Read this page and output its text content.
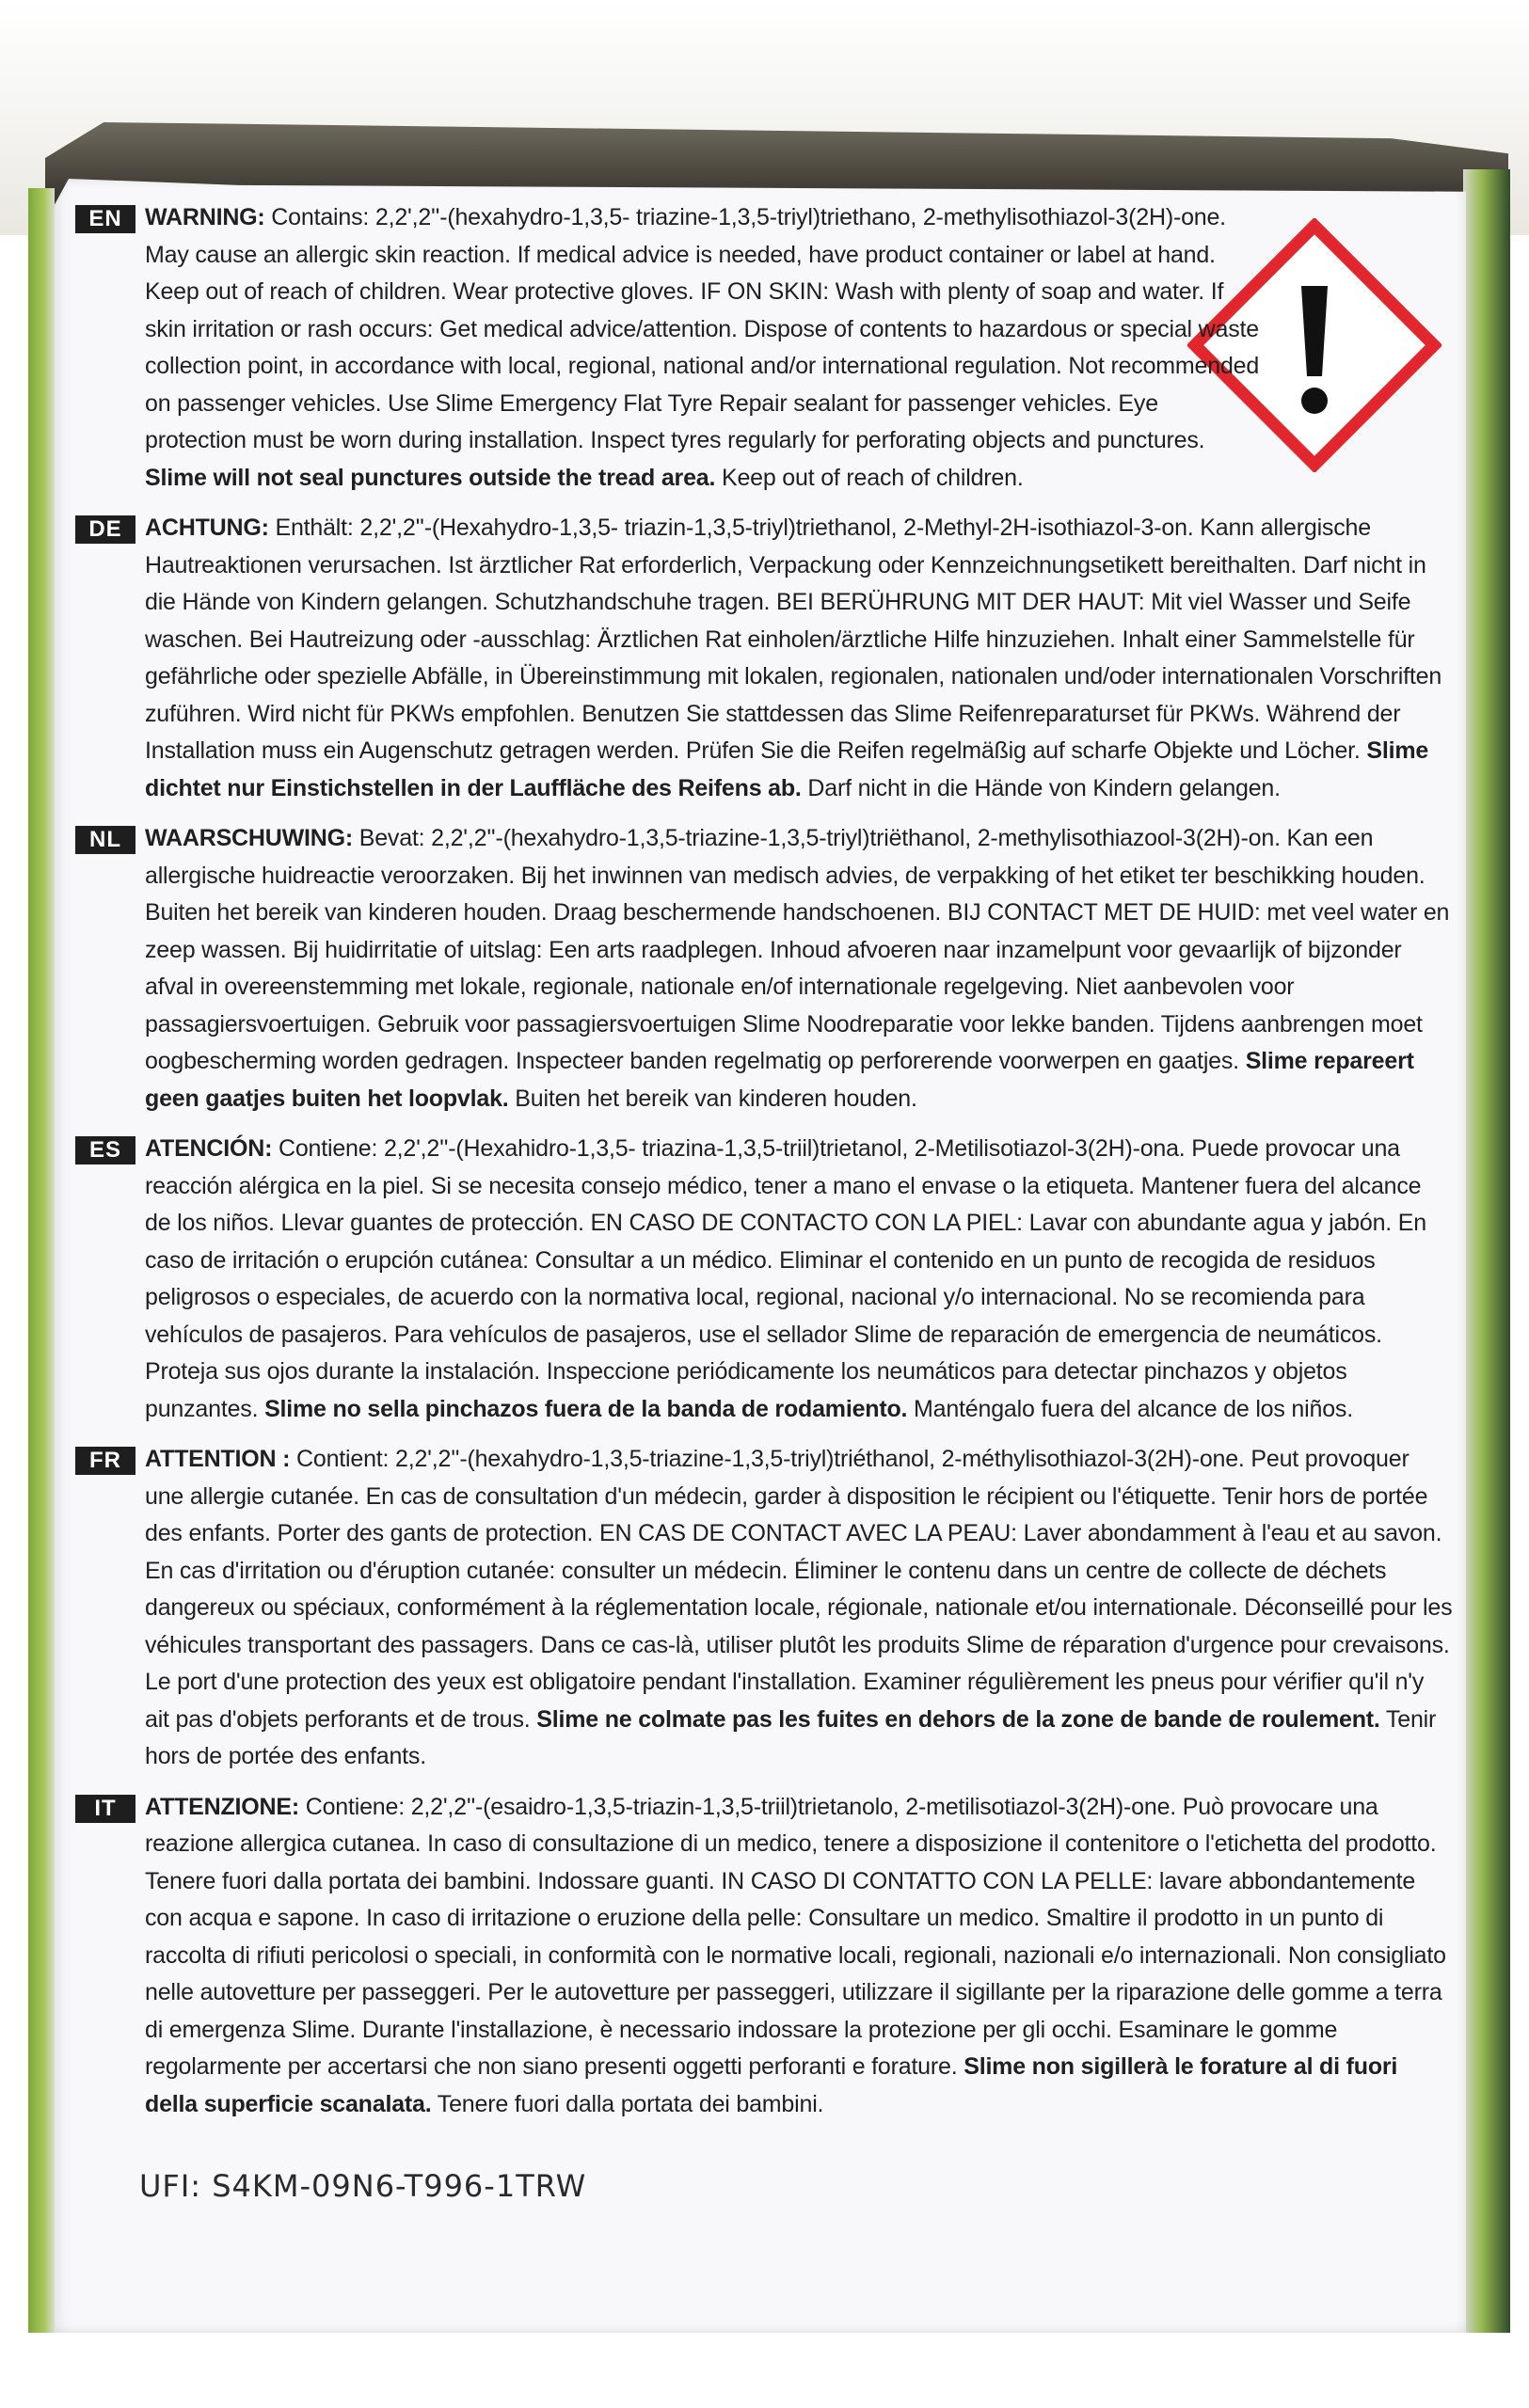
EN WARNING: Contains: 2,2',2''-(hexahydro-1,3,5- triazine-1,3,5-triyl)triethano, 2-methylisothiazol-3(2H)-one. May cause an allergic skin reaction. If medical advice is needed, have product container or label at hand. Keep out of reach of children. Wear protective gloves. IF ON SKIN: Wash with plenty of soap and water. If skin irritation or rash occurs: Get medical advice/attention. Dispose of contents to hazardous or special waste collection point, in accordance with local, regional, national and/or international regulation. Not recommended on passenger vehicles. Use Slime Emergency Flat Tyre Repair sealant for passenger vehicles. Eye protection must be worn during installation. Inspect tyres regularly for perforating objects and punctures. Slime will not seal punctures outside the tread area. Keep out of reach of children.
DE ACHTUNG: Enthält: 2,2',2''-(Hexahydro-1,3,5- triazin-1,3,5-triyl)triethanol, 2-Methyl-2H-isothiazol-3-on. Kann allergische Hautreaktionen verursachen. Ist ärztlicher Rat erforderlich, Verpackung oder Kennzeichnungsetikett bereithalten. Darf nicht in die Hände von Kindern gelangen. Schutzhandschuhe tragen. BEI BERÜHRUNG MIT DER HAUT: Mit viel Wasser und Seife waschen. Bei Hautreizung oder -ausschlag: Ärztlichen Rat einholen/ärztliche Hilfe hinzuziehen. Inhalt einer Sammelstelle für gefährliche oder spezielle Abfälle, in Übereinstimmung mit lokalen, regionalen, nationalen und/oder internationalen Vorschriften zuführen. Wird nicht für PKWs empfohlen. Benutzen Sie stattdessen das Slime Reifenreparaturset für PKWs. Während der Installation muss ein Augenschutz getragen werden. Prüfen Sie die Reifen regelmäßig auf scharfe Objekte und Löcher. Slime dichtet nur Einstichstellen in der Lauffläche des Reifens ab. Darf nicht in die Hände von Kindern gelangen.
NL	WAARSCHUWING: Bevat: 2,2',2''-(hexahydro-1,3,5-triazine-1,3,5-triyl)triëthanol, 2-methylisothiazool-3(2H)-on. Kan een allergische huidreactie veroorzaken. Bij het inwinnen van medisch advies, de verpakking of het etiket ter beschikking houden. Buiten het bereik van kinderen houden. Draag beschermende handschoenen. BIJ CONTACT MET DE HUID: met veel water en zeep wassen. Bij huidirritatie of uitslag: Een arts raadplegen. Inhoud afvoeren naar inzamelpunt voor gevaarlijk of bijzonder afval in overeenstemming met lokale, regionale, nationale en/of internationale regelgeving. Niet aanbevolen voor passagiersvoertuigen. Gebruik voor passagiersvoertuigen Slime Noodreparatie voor lekke banden. Tijdens aanbrengen moet oogbescherming worden gedragen. Inspecteer banden regelmatig op perforerende voorwerpen en gaatjes. Slime repareert geen gaatjes buiten het loopvlak. Buiten het bereik van kinderen houden.
ES	ATENCIÓN: Contiene: 2,2',2''-(Hexahidro-1,3,5- triazina-1,3,5-triil)trietanol, 2-Metilisotiazol-3(2H)-ona. Puede provocar una reacción alérgica en la piel. Si se necesita consejo médico, tener a mano el envase o la etiqueta. Mantener fuera del alcance de los niños. Llevar guantes de protección. EN CASO DE CONTACTO CON LA PIEL: Lavar con abundante agua y jabón. En caso de irritación o erupción cutánea: Consultar a un médico. Eliminar el contenido en un punto de recogida de residuos peligrosos o especiales, de acuerdo con la normativa local, regional, nacional y/o internacional. No se recomienda para vehículos de pasajeros. Para vehículos de pasajeros, use el sellador Slime de reparación de emergencia de neumáticos. Proteja sus ojos durante la instalación. Inspeccione periódicamente los neumáticos para detectar pinchazos y objetos punzantes. Slime no sella pinchazos fuera de la banda de rodamiento. Manténgalo fuera del alcance de los niños.
FR	ATTENTION : Contient: 2,2',2''-(hexahydro-1,3,5-triazine-1,3,5-triyl)triéthanol, 2-méthylisothiazol-3(2H)-one. Peut provoquer une allergie cutanée. En cas de consultation d'un médecin, garder à disposition le récipient ou l'étiquette. Tenir hors de portée des enfants. Porter des gants de protection. EN CAS DE CONTACT AVEC LA PEAU: Laver abondamment à l'eau et au savon. En cas d'irritation ou d'éruption cutanée: consulter un médecin. Éliminer le contenu dans un centre de collecte de déchets dangereux ou spéciaux, conformément à la réglementation locale, régionale, nationale et/ou internationale. Déconseillé pour les véhicules transportant des passagers. Dans ce cas-là, utiliser plutôt les produits Slime de réparation d'urgence pour crevaisons. Le port d'une protection des yeux est obligatoire pendant l'installation. Examiner régulièrement les pneus pour vérifier qu'il n'y ait pas d'objets perforants et de trous. Slime ne colmate pas les fuites en dehors de la zone de bande de roulement. Tenir hors de portée des enfants.
IT	ATTENZIONE: Contiene: 2,2',2''-(esaidro-1,3,5-triazin-1,3,5-triil)trietanolo, 2-metilisotiazol-3(2H)-one. Può provocare una reazione allergica cutanea. In caso di consultazione di un medico, tenere a disposizione il contenitore o l'etichetta del prodotto. Tenere fuori dalla portata dei bambini. Indossare guanti. IN CASO DI CONTATTO CON LA PELLE: lavare abbondantemente con acqua e sapone. In caso di irritazione o eruzione della pelle: Consultare un medico. Smaltire il prodotto in un punto di raccolta di rifiuti pericolosi o speciali, in conformità con le normative locali, regionali, nazionali e/o internazionali. Non consigliato nelle autovetture per passeggeri. Per le autovetture per passeggeri, utilizzare il sigillante per la riparazione delle gomme a terra di emergenza Slime. Durante l'installazione, è necessario indossare la protezione per gli occhi. Esaminare le gomme regolarmente per accertarsi che non siano presenti oggetti perforanti e forature. Slime non sigillerà le forature al di fuori della superficie scanalata. Tenere fuori dalla portata dei bambini.
UFI: S4KM-09N6-T996-1TRW
